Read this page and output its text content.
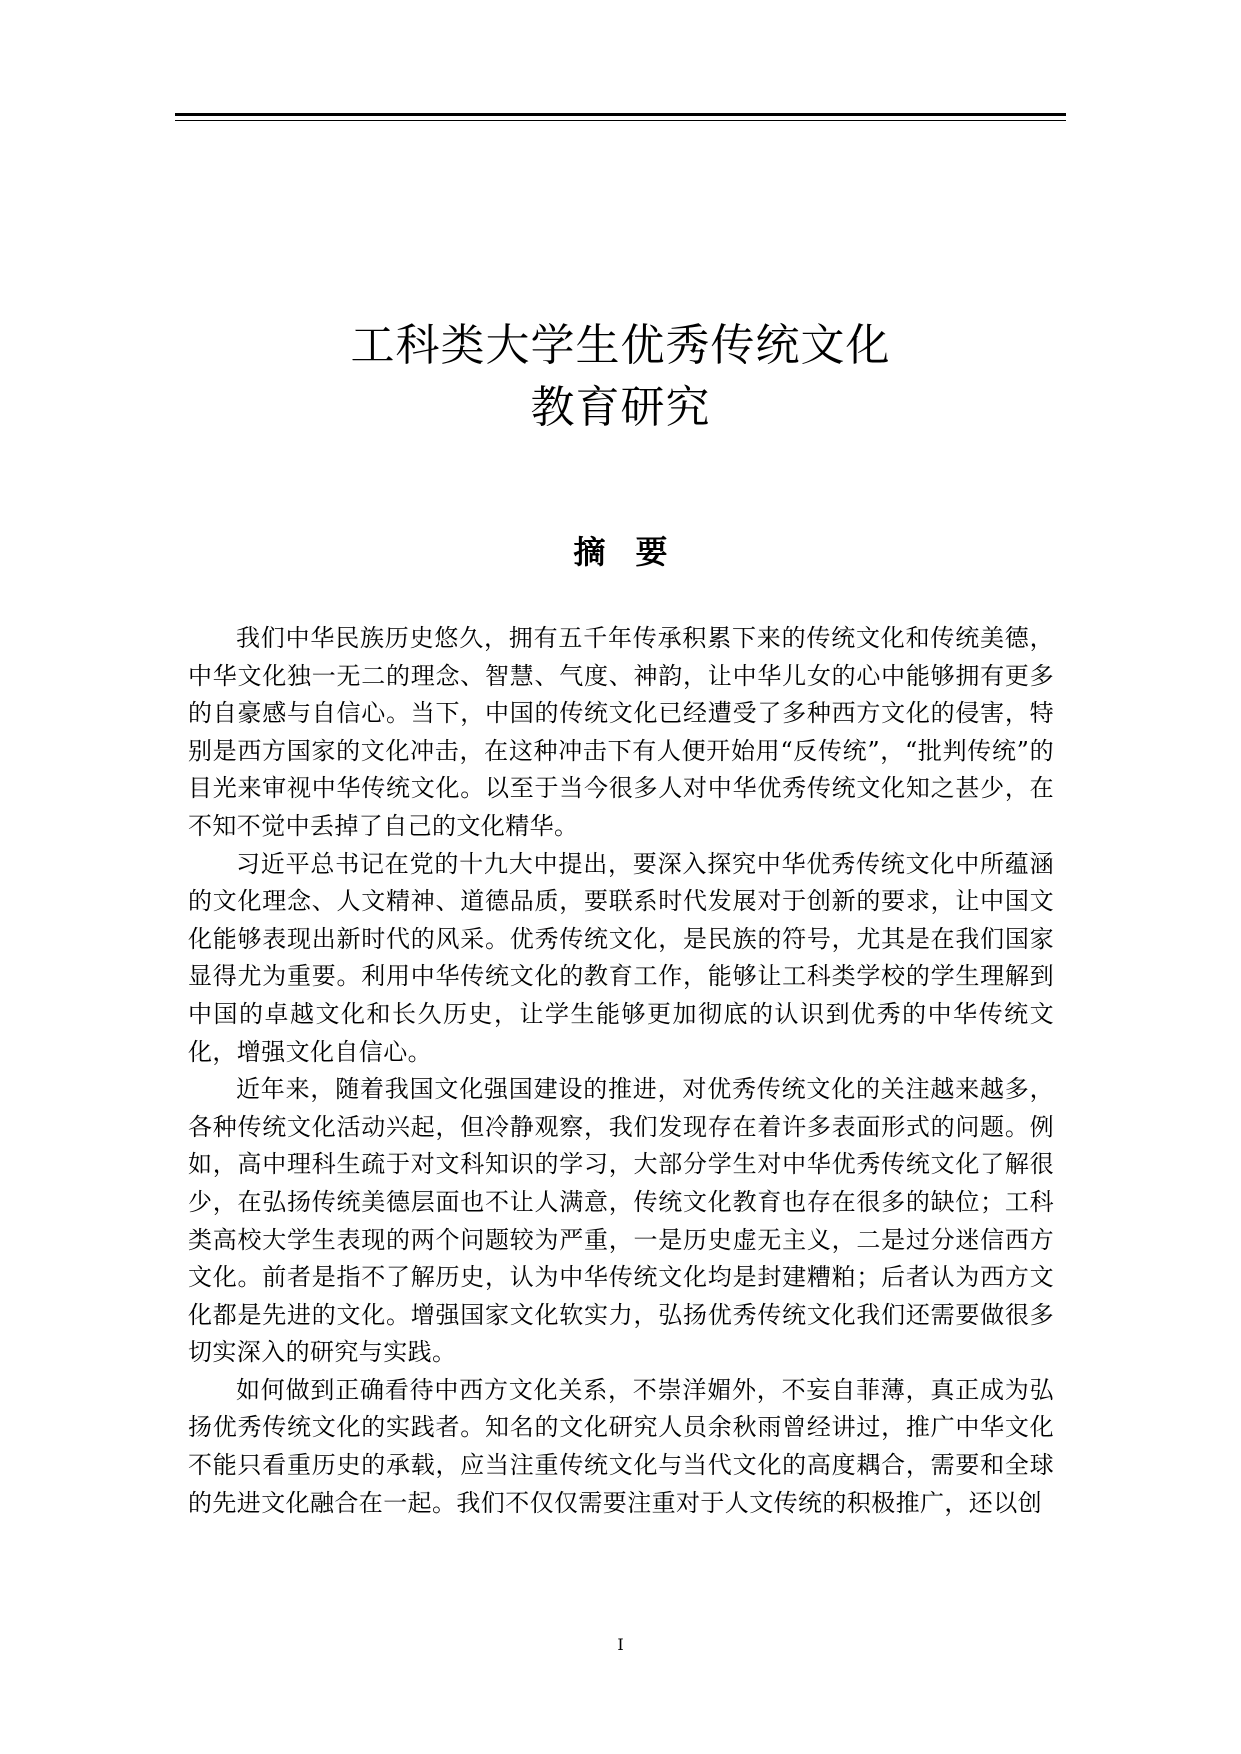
工科类大学生优秀传统文化
教育研究
摘要

我们中华民族历史悠久，拥有五千年传承积累下来的传统文化和传统美德，中华文化独一无二的理念、智慧、气度、神韵，让中华儿女的心中能够拥有更多的自豪感与自信心。当下，中国的传统文化已经遭受了多种西方文化的侵害，特别是西方国家的文化冲击，在这种冲击下有人便开始用“反传统”，“批判传统”的目光来审视中华传统文化。以至于当今很多人对中华优秀传统文化知之甚少，在不知不觉中丢掉了自己的文化精华。

习近平总书记在党的十九大中提出，要深入探究中华优秀传统文化中所蕴涵的文化理念、人文精神、道德品质，要联系时代发展对于创新的要求，让中国文化能够表现出新时代的风采。优秀传统文化，是民族的符号，尤其是在我们国家显得尤为重要。利用中华传统文化的教育工作，能够让工科类学校的学生理解到中国的卓越文化和长久历史，让学生能够更加彻底的认识到优秀的中华传统文化，增强文化自信心。

近年来，随着我国文化强国建设的推进，对优秀传统文化的关注越来越多，各种传统文化活动兴起，但冷静观察，我们发现存在着许多表面形式的问题。例如，高中理科生疏于对文科知识的学习，大部分学生对中华优秀传统文化了解很少，在弘扬传统美德层面也不让人满意，传统文化教育也存在很多的缺位；工科类高校大学生表现的两个问题较为严重，一是历史虚无主义，二是过分迷信西方文化。前者是指不了解历史，认为中华传统文化均是封建糟粕；后者认为西方文化都是先进的文化。增强国家文化软实力，弘扬优秀传统文化我们还需要做很多切实深入的研究与实践。

如何做到正确看待中西方文化关系，不崇洋媚外，不妄自菲薄，真正成为弘扬优秀传统文化的实践者。知名的文化研究人员余秋雨曾经讲过，推广中华文化不能只看重历史的承载，应当注重传统文化与当代文化的高度耦合，需要和全球的先进文化融合在一起。我们不仅仅需要注重对于人文传统的积极推广，还以创

I
